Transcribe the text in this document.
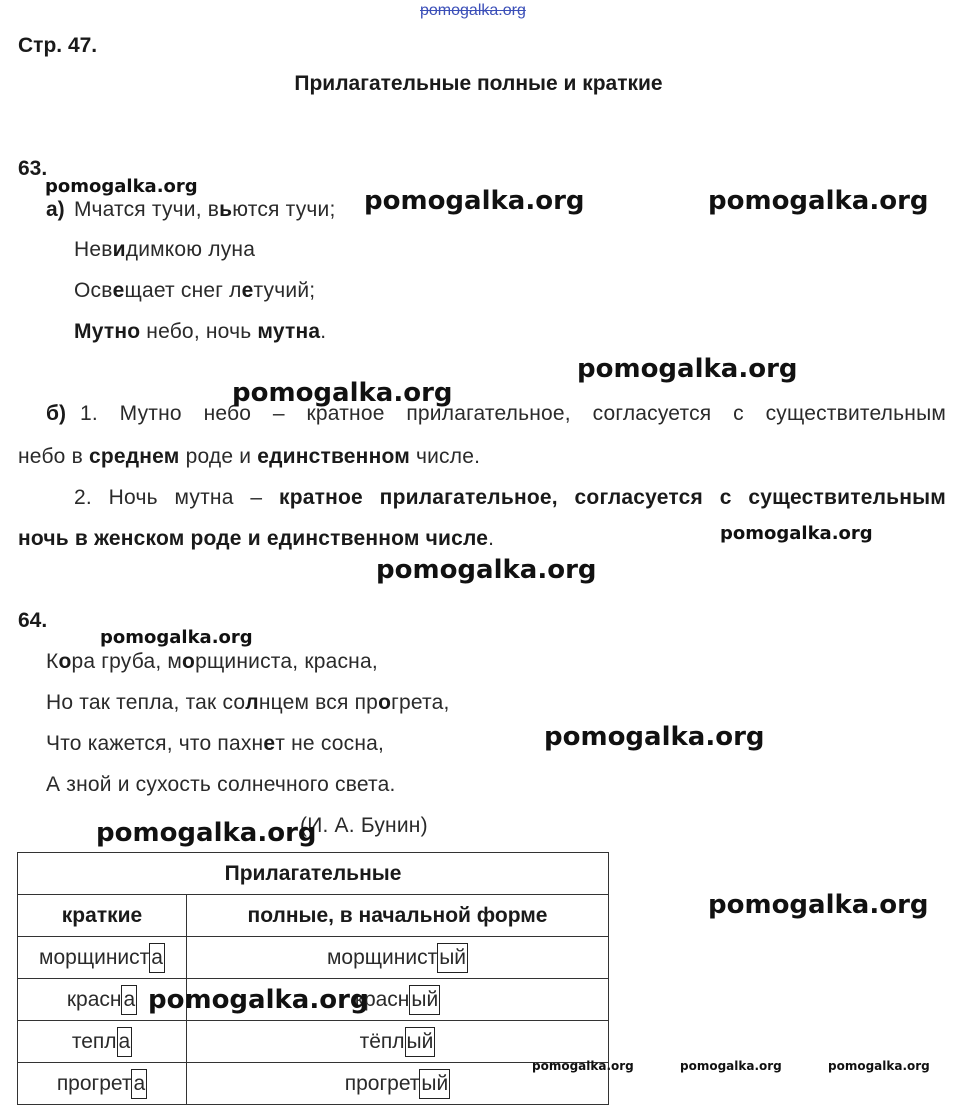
pomogalka.org
Стр. 47.
Прилагательные полные и краткие
63.
а) Мчатся тучи, вьются тучи;
Невидимкою луна
Освещает снег летучий;
Мутно небо, ночь мутна.
б) 1. Мутно небо – кратное прилагательное, согласуется с существительным
небо в среднем роде и единственном числе.
2. Ночь мутна – кратное прилагательное, согласуется с существительным
ночь в женском роде и единственном числе.
64.
Кора груба, морщиниста, красна,
Но так тепла, так солнцем вся прогрета,
Что кажется, что пахнет не сосна,
А зной и сухость солнечного света.
(И. А. Бунин)
Прилагательные	
краткие	полные, в начальной форме
морщиниста	морщинистый
красна	красный
тепла	тёплый
прогрета	прогретый
pomogalka.org	pomogalka.org	pomogalka.org
pomogalka.org
pomogalka.org
pomogalka.org
pomogalka.org
pomogalka.org
pomogalka.org
pomogalka.org
pomogalka.org
pomogalka.org
pomogalka.org	pomogalka.org	pomogalka.org
